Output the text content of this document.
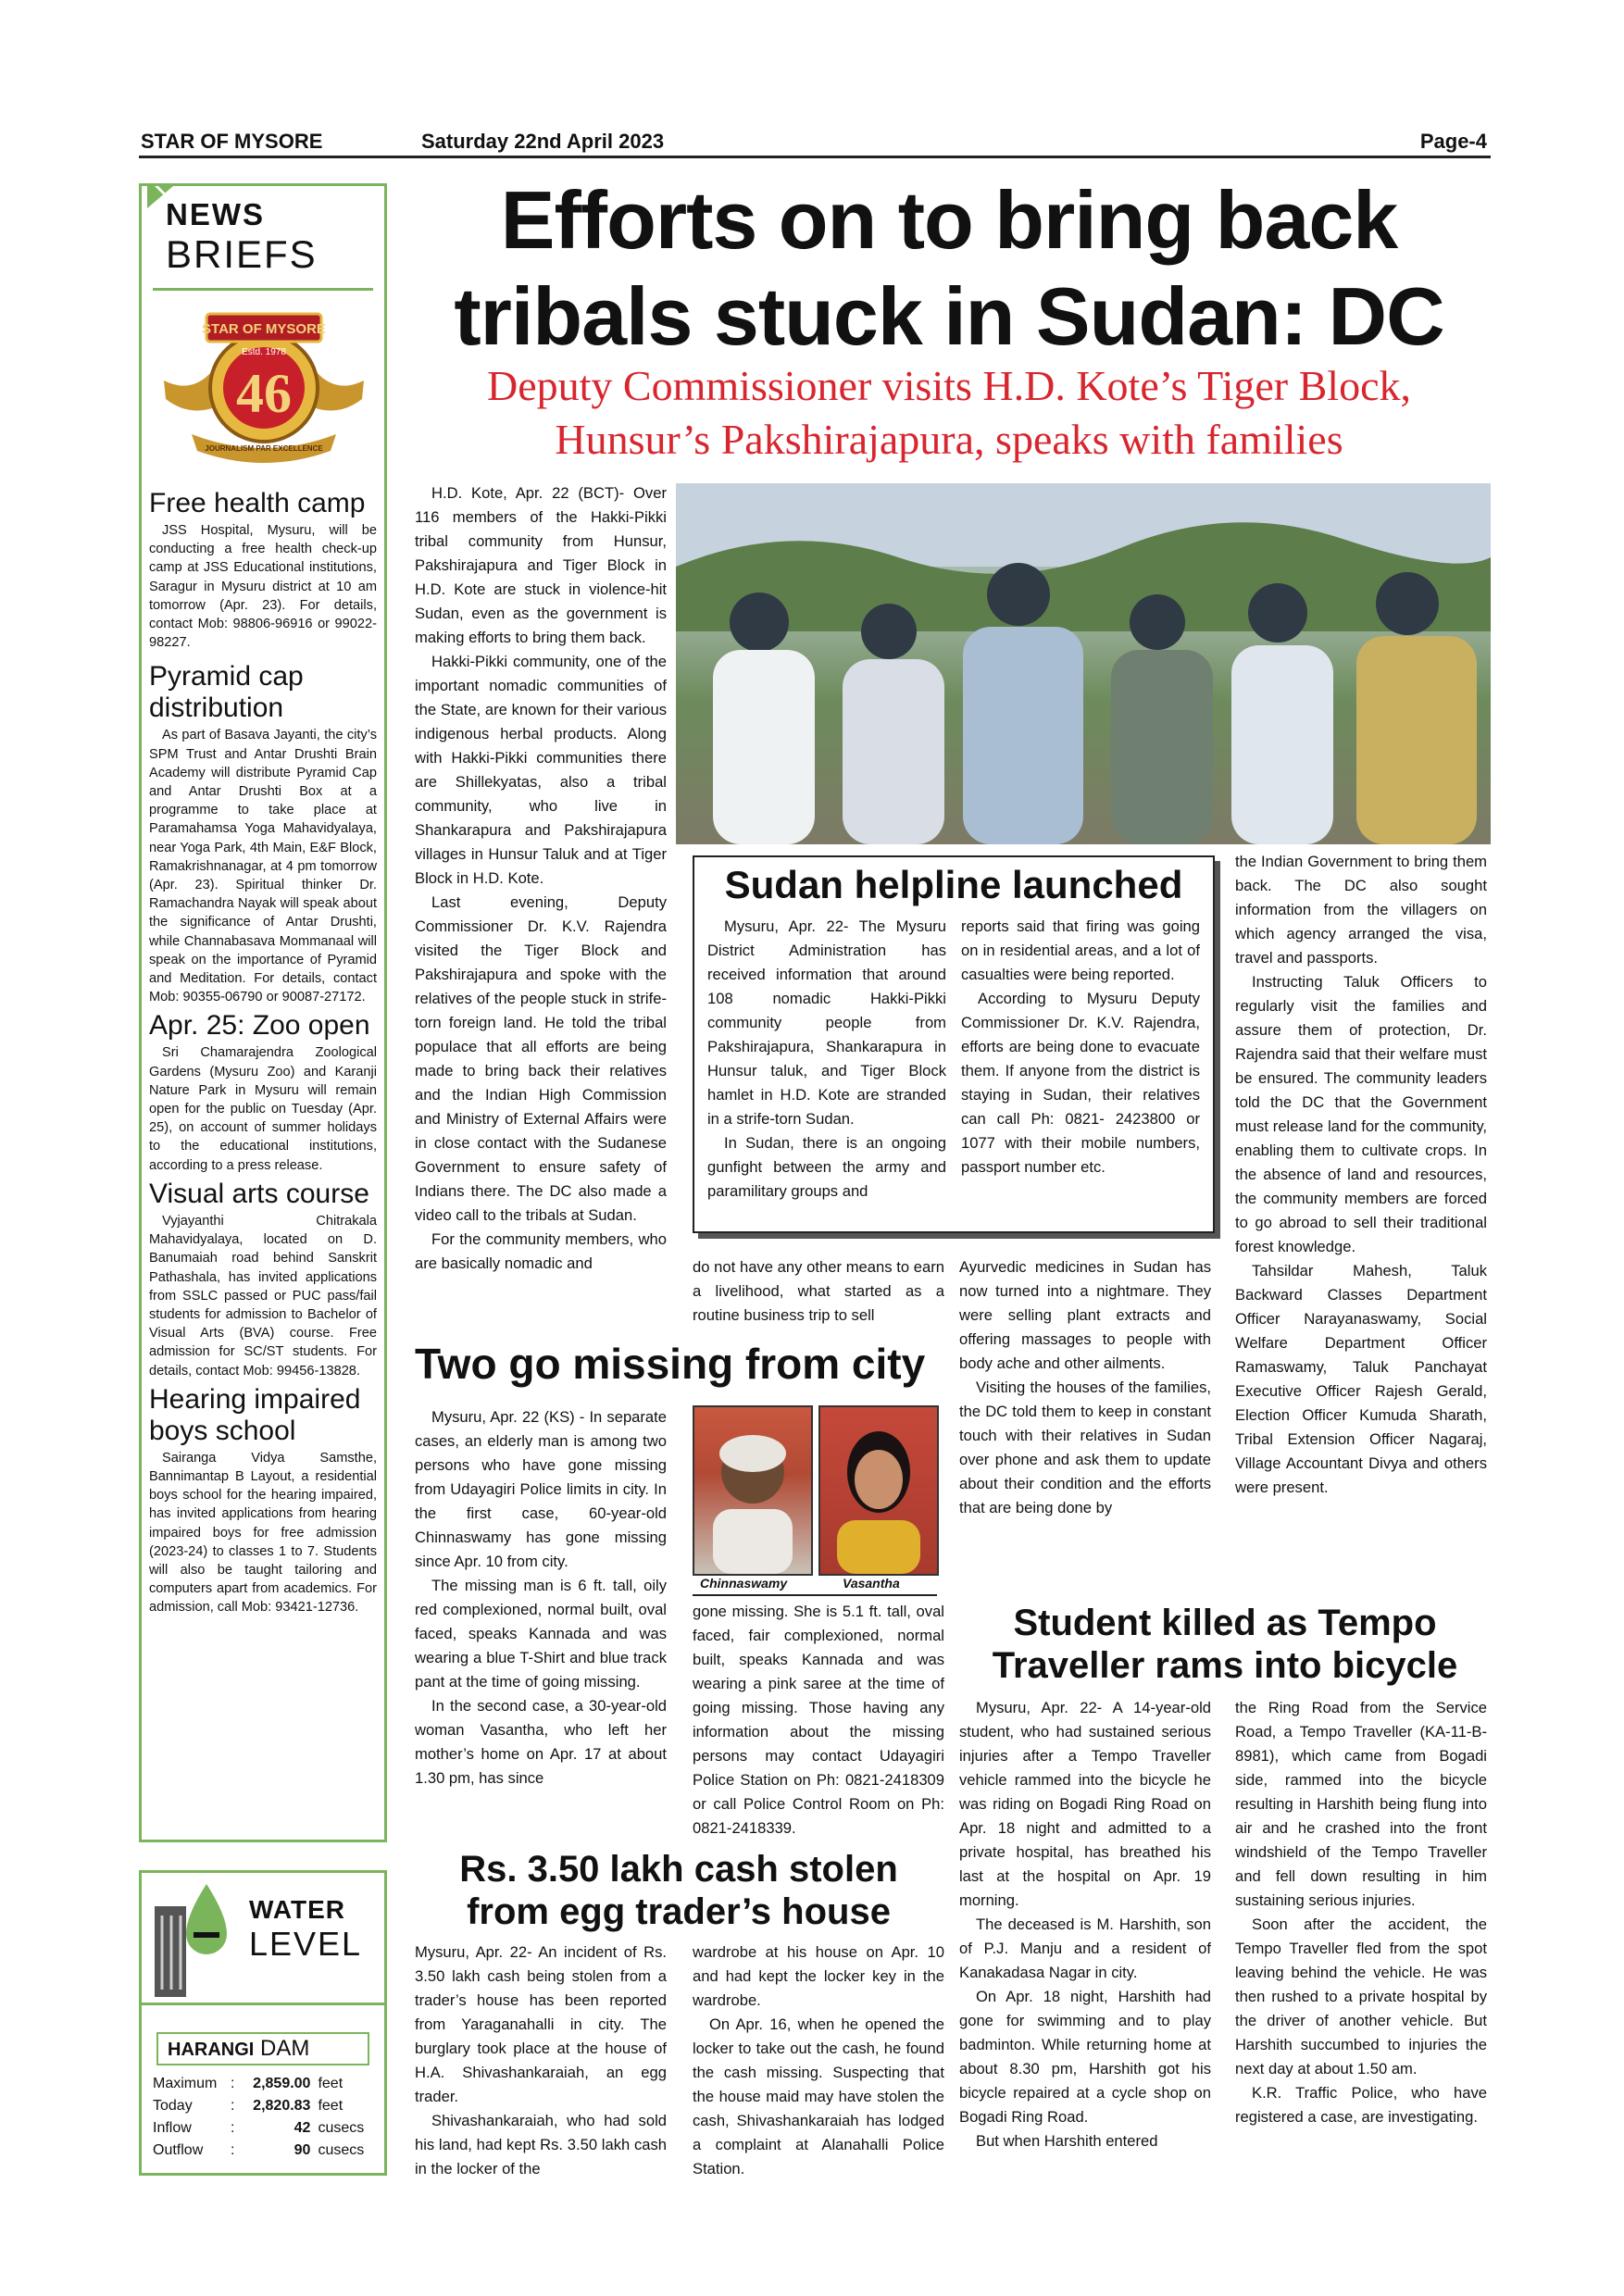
STAR OF MYSORE	Saturday 22nd April 2023	Page-4
NEWS
BRIEFS
STAR OF MYSORE
Estd. 1978
46
JOURNALISM PAR EXCELLENCE
Free health camp

JSS Hospital, Mysuru, will be conducting a free health check-up camp at JSS Educational institutions, Saragur in Mysuru district at 10 am tomorrow (Apr. 23). For details, contact Mob: 98806-96916 or 99022-98227.

Pyramid cap distribution

As part of Basava Jayanti, the city’s SPM Trust and Antar Drushti Brain Academy will distribute Pyramid Cap and Antar Drushti Box at a programme to take place at Paramahamsa Yoga Mahavidyalaya, near Yoga Park, 4th Main, E&F Block, Ramakrishnanagar, at 4 pm tomorrow (Apr. 23). Spiritual thinker Dr. Ramachandra Nayak will speak about the significance of Antar Drushti, while Channabasava Mommanaal will speak on the importance of Pyramid and Meditation. For details, contact Mob: 90355-06790 or 90087-27172.

Apr. 25: Zoo open

Sri Chamarajendra Zoological Gardens (Mysuru Zoo) and Karanji Nature Park in Mysuru will remain open for the public on Tuesday (Apr. 25), on account of summer holidays to the educational institutions, according to a press release.

Visual arts course

Vyjayanthi Chitrakala Mahavidyalaya, located on D. Banumaiah road behind Sanskrit Pathashala, has invited applications from SSLC passed or PUC pass/fail students for admission to Bachelor of Visual Arts (BVA) course. Free admission for SC/ST students. For details, contact Mob: 99456-13828.

Hearing impaired boys school

Sairanga Vidya Samsthe, Bannimantap B Layout, a residential boys school for the hearing impaired, has invited applications from hearing impaired boys for free admission (2023-24) to classes 1 to 7. Students will also be taught tailoring and computers apart from academics. For admission, call Mob: 93421-12736.

WATER
LEVEL
HARANGI DAM
Maximum	:	2,859.00	feet
Today	:	2,820.83	feet
Inflow	:	42	cusecs
Outflow	:	90	cusecs
Efforts on to bring back
tribals stuck in Sudan: DC
Deputy Commissioner visits H.D. Kote’s Tiger Block,
Hunsur’s Pakshirajapura, speaks with families

H.D. Kote, Apr. 22 (BCT)- Over 116 members of the Hakki-Pikki tribal community from Hunsur, Pakshirajapura and Tiger Block in H.D. Kote are stuck in violence-hit Sudan, even as the government is making efforts to bring them back.

Hakki-Pikki community, one of the important nomadic communities of the State, are known for their various indigenous herbal products. Along with Hakki-Pikki communities there are Shillekyatas, also a tribal community, who live in Shankarapura and Pakshirajapura villages in Hunsur Taluk and at Tiger Block in H.D. Kote.

Last evening, Deputy Commissioner Dr. K.V. Rajendra visited the Tiger Block and Pakshirajapura and spoke with the relatives of the people stuck in strife-torn foreign land. He told the tribal populace that all efforts are being made to bring back their relatives and the Indian High Commission and Ministry of External Affairs were in close contact with the Sudanese Government to ensure safety of Indians there. The DC also made a video call to the tribals at Sudan.

For the community members, who are basically nomadic and	do not have any other means to earn a livelihood, what started as a routine business trip to sell

Ayurvedic medicines in Sudan has now turned into a nightmare. They were selling plant extracts and offering massages to people with body ache and other ailments.

Visiting the houses of the families, the DC told them to keep in constant touch with their relatives in Sudan over phone and ask them to update about their condition and the efforts that are being done by

the Indian Government to bring them back. The DC also sought information from the villagers on which agency arranged the visa, travel and passports.

Instructing Taluk Officers to regularly visit the families and assure them of protection, Dr. Rajendra said that their welfare must be ensured. The community leaders told the DC that the Government must release land for the community, enabling them to cultivate crops. In the absence of land and resources, the community members are forced to go abroad to sell their traditional forest knowledge.

Tahsildar Mahesh, Taluk Backward Classes Department Officer Narayanaswamy, Social Welfare Department Officer Ramaswamy, Taluk Panchayat Executive Officer Rajesh Gerald, Election Officer Kumuda Sharath, Tribal Extension Officer Nagaraj, Village Accountant Divya and others were present.

Sudan helpline launched

Mysuru, Apr. 22- The Mysuru District Administration has received information that around 108 nomadic Hakki-Pikki community people from Pakshirajapura, Shankarapura in Hunsur taluk, and Tiger Block hamlet in H.D. Kote are stranded in a strife-torn Sudan.

In Sudan, there is an ongoing gunfight between the army and paramilitary groups and

reports said that firing was going on in residential areas, and a lot of casualties were being reported.

According to Mysuru Deputy Commissioner Dr. K.V. Rajendra, efforts are being done to evacuate them. If anyone from the district is staying in Sudan, their relatives can call Ph: 0821- 2423800 or 1077 with their mobile numbers, passport number etc.

Two go missing from city

Mysuru, Apr. 22 (KS) - In separate cases, an elderly man is among two persons who have gone missing from Udayagiri Police limits in city. In the first case, 60-year-old Chinnaswamy has gone missing since Apr. 10 from city.

The missing man is 6 ft. tall, oily red complexioned, normal built, oval faced, speaks Kannada and was wearing a blue T-Shirt and blue track pant at the time of going missing.

In the second case, a 30-year-old woman Vasantha, who left her mother’s home on Apr. 17 at about 1.30 pm, has since

Chinnaswamy	Vasantha

gone missing. She is 5.1 ft. tall, oval faced, fair complexioned, normal built, speaks Kannada and was wearing a pink saree at the time of going missing. Those having any information about the missing persons may contact Udayagiri Police Station on Ph: 0821-2418309 or call Police Control Room on Ph: 0821-2418339.

Rs. 3.50 lakh cash stolen
from egg trader’s house

Mysuru, Apr. 22- An incident of Rs. 3.50 lakh cash being stolen from a trader’s house has been reported from Yaraganahalli in city. The burglary took place at the house of H.A. Shivashankaraiah, an egg trader.

Shivashankaraiah, who had sold his land, had kept Rs. 3.50 lakh cash in the locker of the

wardrobe at his house on Apr. 10 and had kept the locker key in the wardrobe.

On Apr. 16, when he opened the locker to take out the cash, he found the cash missing. Suspecting that the house maid may have stolen the cash, Shivashankaraiah has lodged a complaint at Alanahalli Police Station.

Student killed as Tempo
Traveller rams into bicycle

Mysuru, Apr. 22- A 14-year-old student, who had sustained serious injuries after a Tempo Traveller vehicle rammed into the bicycle he was riding on Bogadi Ring Road on Apr. 18 night and admitted to a private hospital, has breathed his last at the hospital on Apr. 19 morning.

The deceased is M. Harshith, son of P.J. Manju and a resident of Kanakadasa Nagar in city.

On Apr. 18 night, Harshith had gone for swimming and to play badminton. While returning home at about 8.30 pm, Harshith got his bicycle repaired at a cycle shop on Bogadi Ring Road.

But when Harshith entered

the Ring Road from the Service Road, a Tempo Traveller (KA-11-B-8981), which came from Bogadi side, rammed into the bicycle resulting in Harshith being flung into air and he crashed into the front windshield of the Tempo Traveller and fell down resulting in him sustaining serious injuries.

Soon after the accident, the Tempo Traveller fled from the spot leaving behind the vehicle. He was then rushed to a private hospital by the driver of another vehicle. But Harshith succumbed to injuries the next day at about 1.50 am.

K.R. Traffic Police, who have registered a case, are investigating.
